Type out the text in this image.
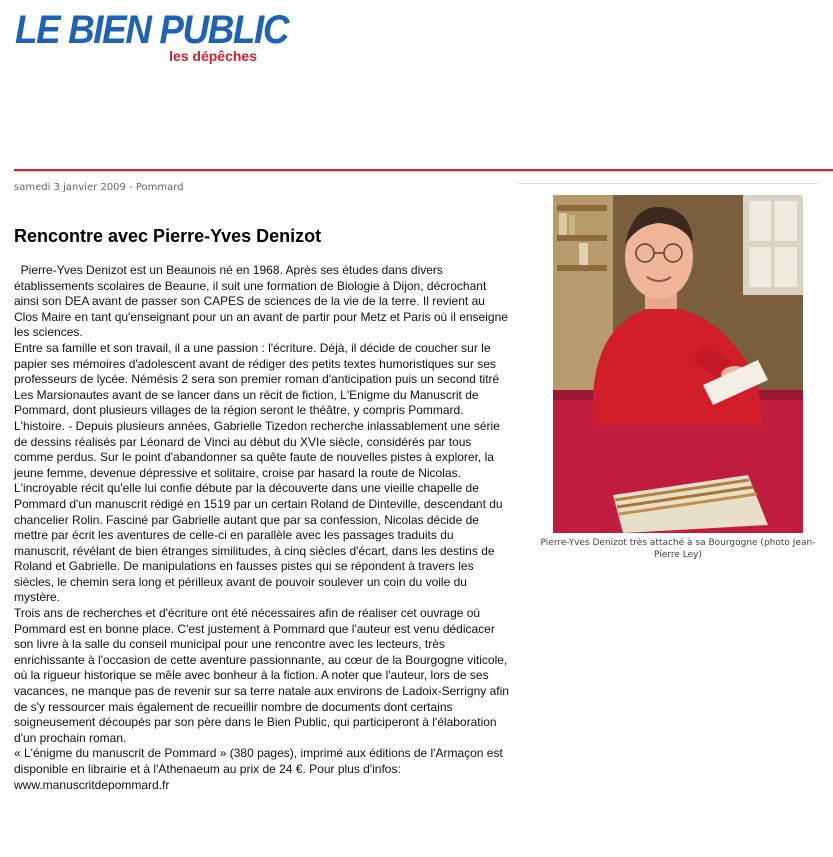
LE BIEN PUBLIC
les dépêches
samedi 3 janvier 2009 - Pommard
Rencontre avec Pierre-Yves Denizot

Pierre-Yves Denizot est un Beaunois né en 1968. Après ses études dans divers établissements scolaires de Beaune, il suit une formation de Biologie à Dijon, décrochant ainsi son DEA avant de passer son CAPES de sciences de la vie de la terre. Il revient au Clos Maire en tant qu'enseignant pour un an avant de partir pour Metz et Paris où il enseigne les sciences.

Entre sa famille et son travail, il a une passion : l'écriture. Déjà, il décide de coucher sur le papier ses mémoires d'adolescent avant de rédiger des petits textes humoristiques sur ses professeurs de lycée. Némésis 2 sera son premier roman d'anticipation puis un second titré Les Marsionautes avant de se lancer dans un récit de fiction, L'Enigme du Manuscrit de Pommard, dont plusieurs villages de la région seront le théâtre, y compris Pommard.

L'histoire. - Depuis plusieurs années, Gabrielle Tizedon recherche inlassablement une série de dessins réalisés par Léonard de Vinci au début du XVIe siècle, considérés par tous comme perdus. Sur le point d'abandonner sa quête faute de nouvelles pistes à explorer, la jeune femme, devenue dépressive et solitaire, croise par hasard la route de Nicolas. L'incroyable récit qu'elle lui confie débute par la découverte dans une vieille chapelle de Pommard d'un manuscrit rédigé en 1519 par un certain Roland de Dinteville, descendant du chancelier Rolin. Fasciné par Gabrielle autant que par sa confession, Nicolas décide de mettre par écrit les aventures de celle-ci en parallèle avec les passages traduits du manuscrit, révélant de bien étranges similitudes, à cinq siècles d'écart, dans les destins de Roland et Gabrielle. De manipulations en fausses pistes qui se répondent à travers les siècles, le chemin sera long et périlleux avant de pouvoir soulever un coin du voile du mystère.

Trois ans de recherches et d'écriture ont été nécessaires afin de réaliser cet ouvrage où Pommard est en bonne place. C'est justement à Pommard que l'auteur est venu dédicacer son livre à la salle du conseil municipal pour une rencontre avec les lecteurs, très enrichissante à l'occasion de cette aventure passionnante, au cœur de la Bourgogne viticole, où la rigueur historique se mêle avec bonheur à la fiction. A noter que l'auteur, lors de ses vacances, ne manque pas de revenir sur sa terre natale aux environs de Ladoix-Serrigny afin de s'y ressourcer mais également de recueillir nombre de documents dont certains soigneusement découpés par son père dans le Bien Public, qui participeront à l'élaboration d'un prochain roman.

« L'énigme du manuscrit de Pommard » (380 pages), imprimé aux éditions de l'Armaçon est disponible en librairie et à l'Athenaeum au prix de 24 €. Pour plus d'infos: www.manuscritdepommard.fr

Pierre-Yves Denizot très attaché à sa Bourgogne (photo Jean-Pierre Ley)
